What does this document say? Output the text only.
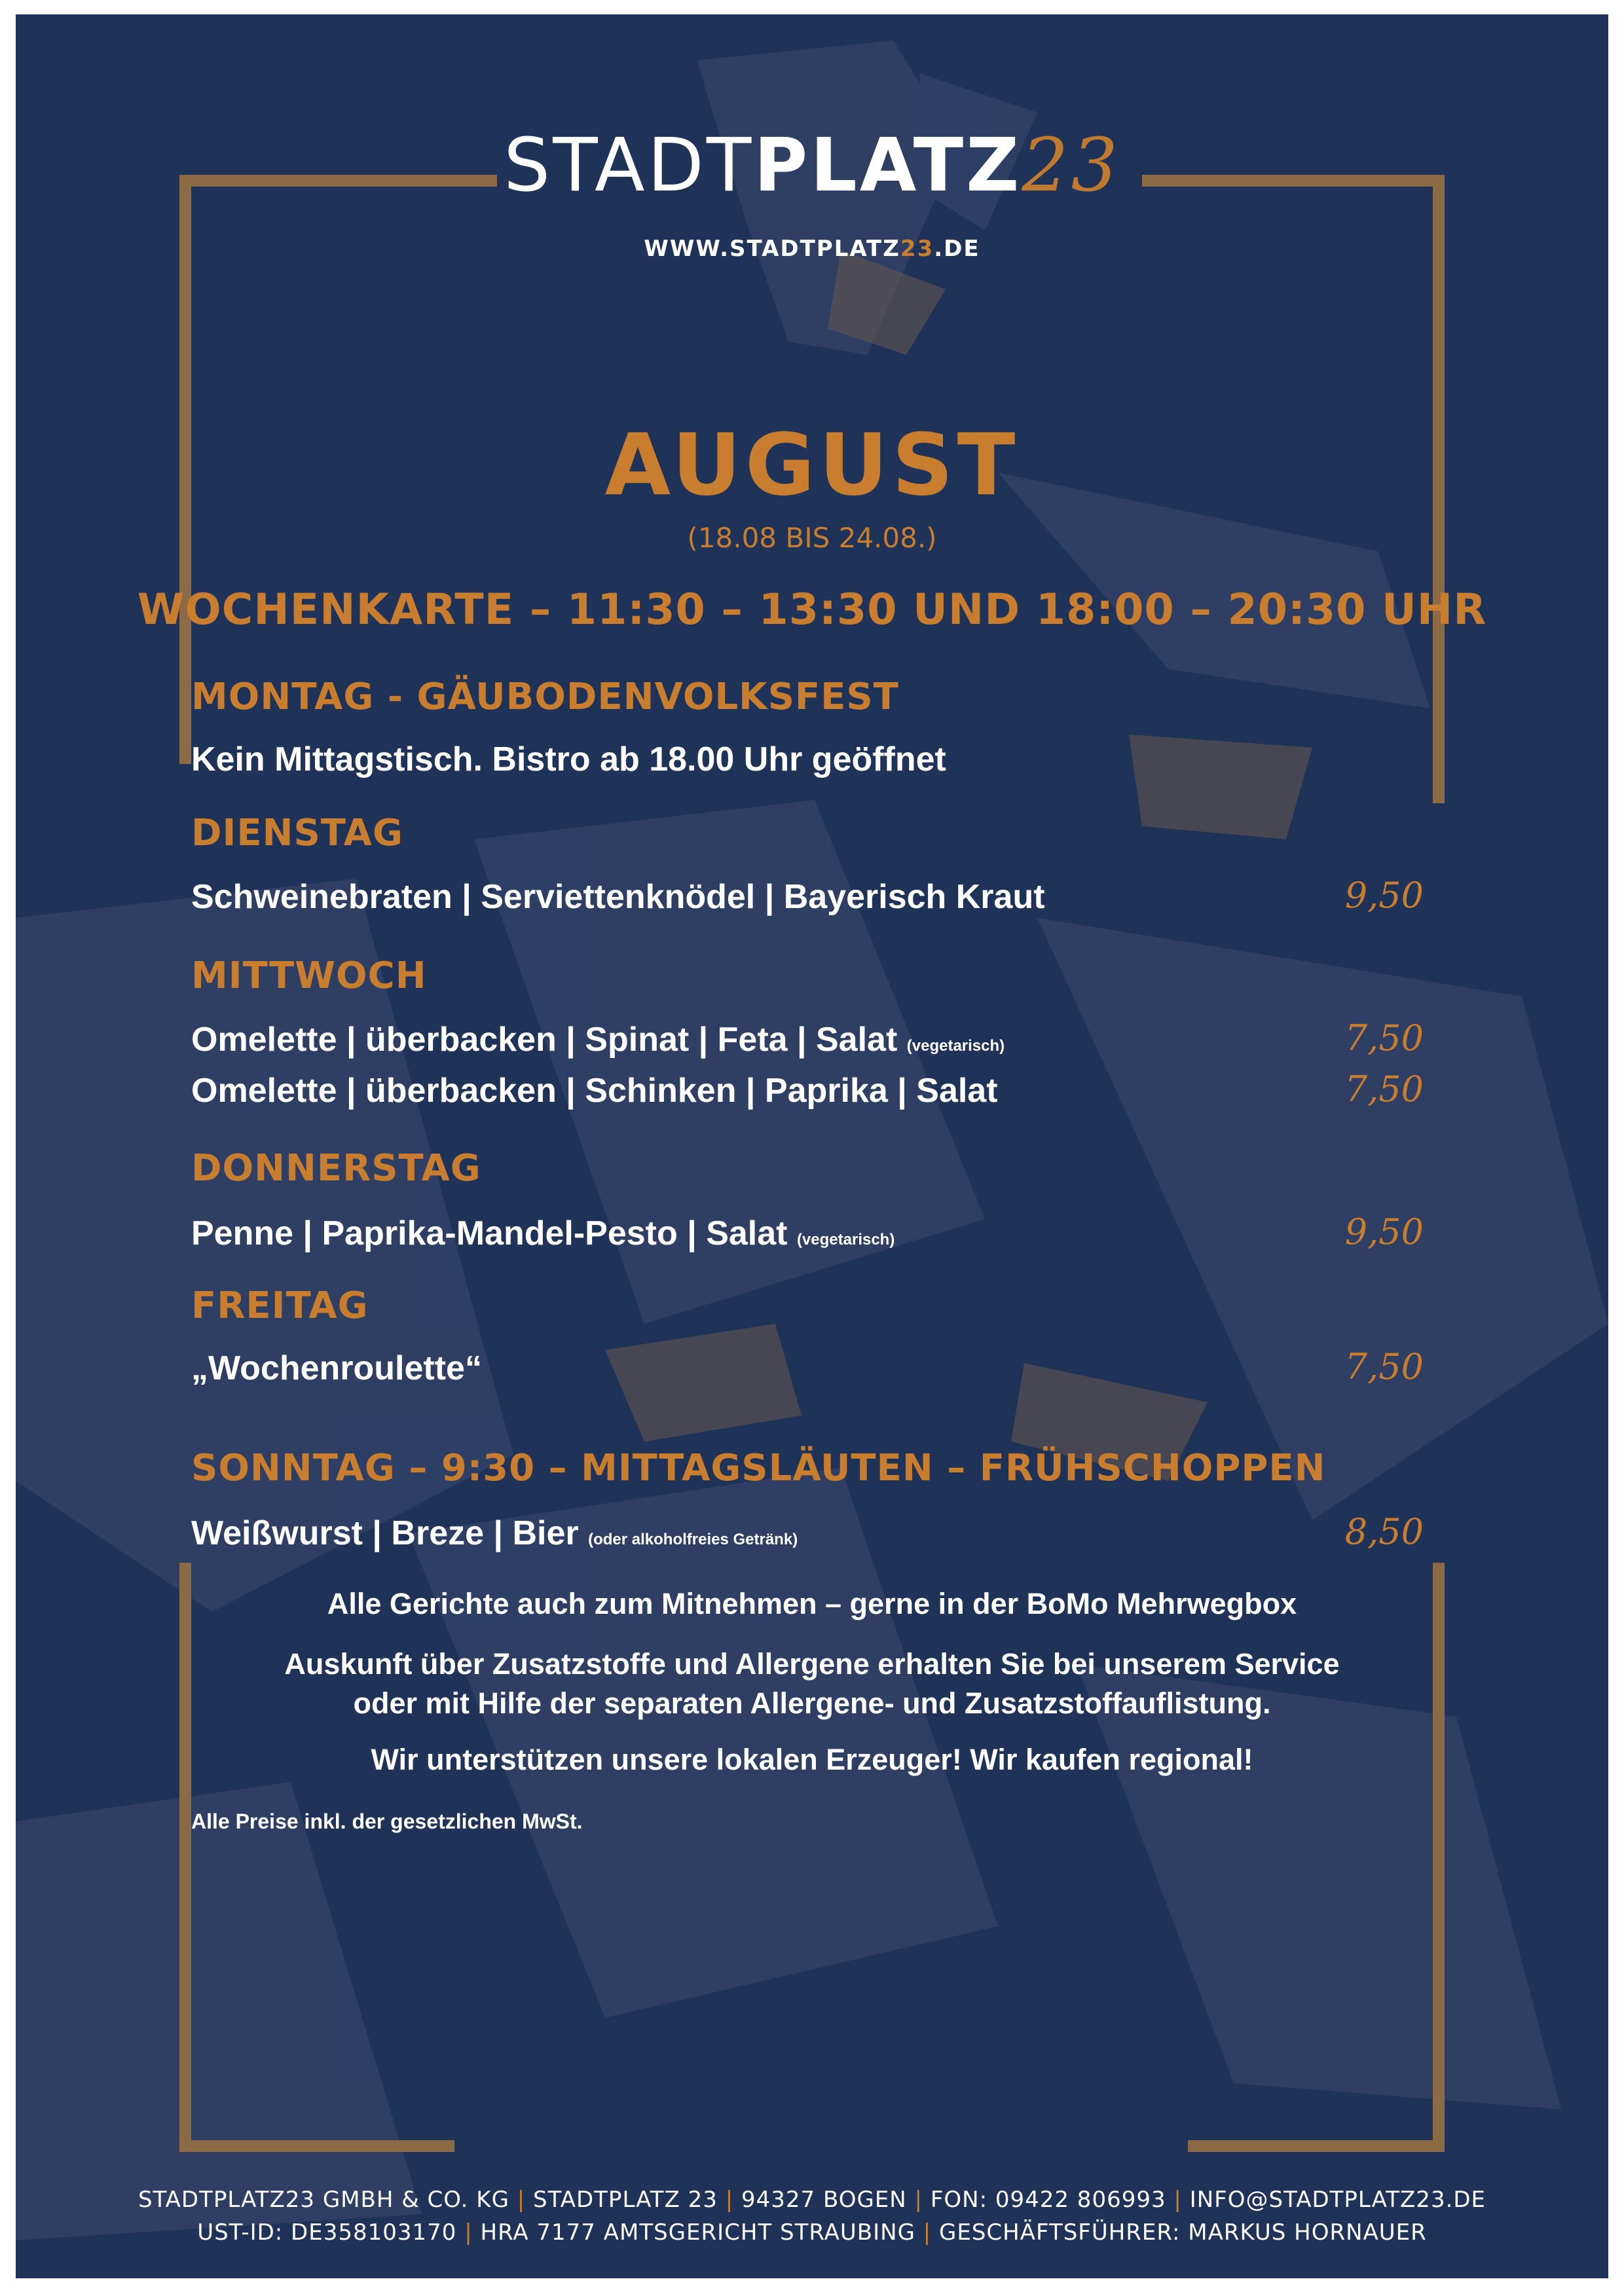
STADTPLATZ23
WWW.STADTPLATZ23.DE
AUGUST
(18.08 BIS 24.08.)
WOCHENKARTE – 11:30 – 13:30 UND 18:00 – 20:30 UHR
MONTAG - GÄUBODENVOLKSFEST
Kein Mittagstisch. Bistro ab 18.00 Uhr geöffnet
DIENSTAG
Schweinebraten | Serviettenknödel | Bayerisch Kraut	9,50
MITTWOCH
Omelette | überbacken | Spinat | Feta | Salat (vegetarisch)	7,50
Omelette | überbacken | Schinken | Paprika | Salat	7,50
DONNERSTAG
Penne | Paprika-Mandel-Pesto | Salat (vegetarisch)	9,50
FREITAG
„Wochenroulette“	7,50
SONNTAG – 9:30 – MITTAGSLÄUTEN – FRÜHSCHOPPEN
Weißwurst | Breze | Bier (oder alkoholfreies Getränk)	8,50
Alle Gerichte auch zum Mitnehmen – gerne in der BoMo Mehrwegbox
Auskunft über Zusatzstoffe und Allergene erhalten Sie bei unserem Service
oder mit Hilfe der separaten Allergene- und Zusatzstoffauflistung.
Wir unterstützen unsere lokalen Erzeuger! Wir kaufen regional!
Alle Preise inkl. der gesetzlichen MwSt.
STADTPLATZ23 GMBH & CO. KG | STADTPLATZ 23 | 94327 BOGEN | FON: 09422 806993 | INFO@STADTPLATZ23.DE
UST-ID: DE358103170 | HRA 7177 AMTSGERICHT STRAUBING | GESCHÄFTSFÜHRER: MARKUS HORNAUER
